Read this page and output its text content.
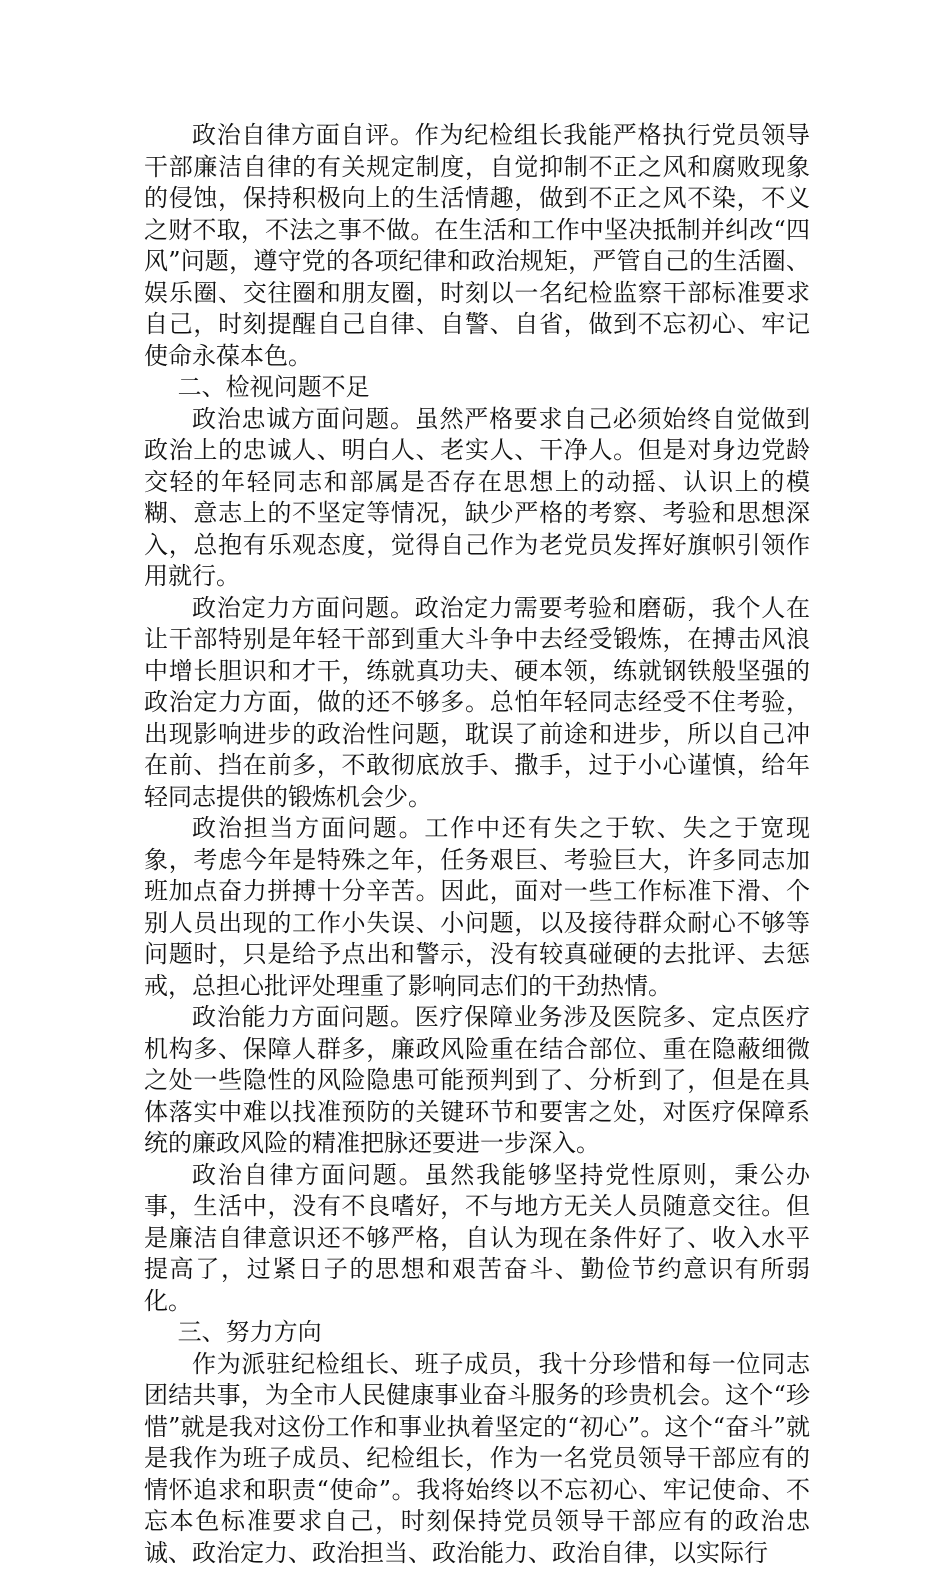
政治自律方面自评。作为纪检组长我能严格执行党员领导干部廉洁自律的有关规定制度，自觉抑制不正之风和腐败现象的侵蚀，保持积极向上的生活情趣，做到不正之风不染，不义之财不取，不法之事不做。在生活和工作中坚决抵制并纠改“四风”问题，遵守党的各项纪律和政治规矩，严管自己的生活圈、娱乐圈、交往圈和朋友圈，时刻以一名纪检监察干部标准要求自己，时刻提醒自己自律、自警、自省，做到不忘初心、牢记使命永葆本色。

二、检视问题不足

政治忠诚方面问题。虽然严格要求自己必须始终自觉做到政治上的忠诚人、明白人、老实人、干净人。但是对身边党龄交轻的年轻同志和部属是否存在思想上的动摇、认识上的模糊、意志上的不坚定等情况，缺少严格的考察、考验和思想深入，总抱有乐观态度，觉得自己作为老党员发挥好旗帜引领作用就行。

政治定力方面问题。政治定力需要考验和磨砺，我个人在让干部特别是年轻干部到重大斗争中去经受锻炼，在搏击风浪中增长胆识和才干，练就真功夫、硬本领，练就钢铁般坚强的政治定力方面，做的还不够多。总怕年轻同志经受不住考验，出现影响进步的政治性问题，耽误了前途和进步，所以自己冲在前、挡在前多，不敢彻底放手、撒手，过于小心谨慎，给年轻同志提供的锻炼机会少。

政治担当方面问题。工作中还有失之于软、失之于宽现象，考虑今年是特殊之年，任务艰巨、考验巨大，许多同志加班加点奋力拼搏十分辛苦。因此，面对一些工作标准下滑、个别人员出现的工作小失误、小问题，以及接待群众耐心不够等问题时，只是给予点出和警示，没有较真碰硬的去批评、去惩戒，总担心批评处理重了影响同志们的干劲热情。

政治能力方面问题。医疗保障业务涉及医院多、定点医疗机构多、保障人群多，廉政风险重在结合部位、重在隐蔽细微之处一些隐性的风险隐患可能预判到了、分析到了，但是在具体落实中难以找准预防的关键环节和要害之处，对医疗保障系统的廉政风险的精准把脉还要进一步深入。

政治自律方面问题。虽然我能够坚持党性原则，秉公办事，生活中，没有不良嗜好，不与地方无关人员随意交往。但是廉洁自律意识还不够严格，自认为现在条件好了、收入水平提高了，过紧日子的思想和艰苦奋斗、勤俭节约意识有所弱化。

三、努力方向

作为派驻纪检组长、班子成员，我十分珍惜和每一位同志团结共事，为全市人民健康事业奋斗服务的珍贵机会。这个“珍惜”就是我对这份工作和事业执着坚定的“初心”。这个“奋斗”就是我作为班子成员、纪检组长，作为一名党员领导干部应有的情怀追求和职责“使命”。我将始终以不忘初心、牢记使命、不忘本色标准要求自己，时刻保持党员领导干部应有的政治忠诚、政治定力、政治担当、政治能力、政治自律，以实际行
